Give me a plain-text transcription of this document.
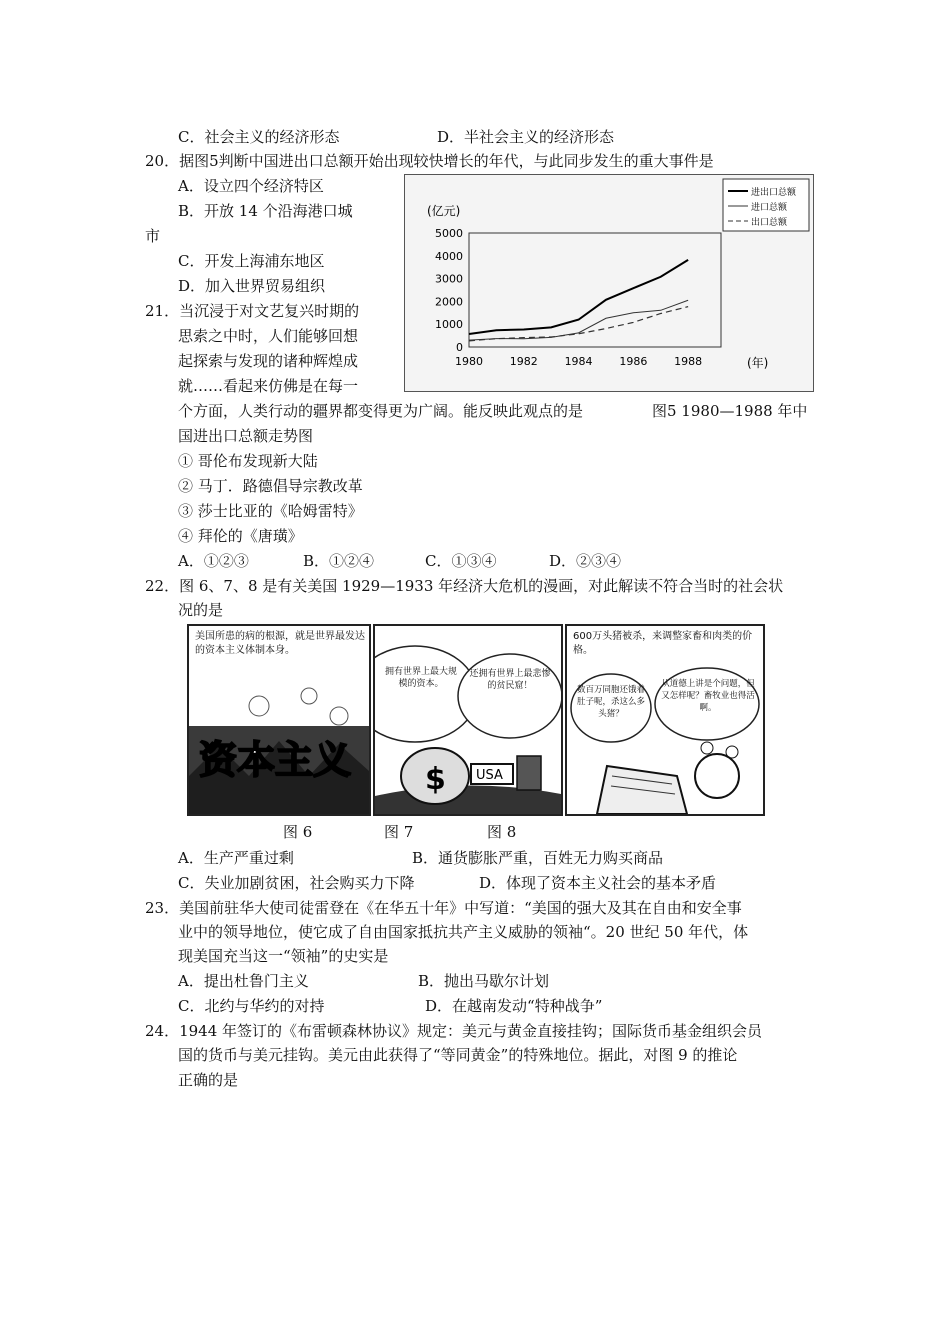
C．社会主义的经济形态	D．半社会主义的经济形态
20．据图5判断中国进出口总额开始出现较快增长的年代，与此同步发生的重大事件是
A．设立四个经济特区
B．开放 14 个沿海港口城
市
C．开发上海浦东地区
D．加入世界贸易组织
(亿元)
(年)
5000
4000
3000
2000
1000
0
1980 1982 1984 1986 1988
进出口总额
进口总额
出口总额
21．当沉浸于对文艺复兴时期的
思索之中时，人们能够回想
起探索与发现的诸种辉煌成
就……看起来仿佛是在每一
个方面，人类行动的疆界都变得更为广阔。能反映此观点的是	图5 1980—1988 年中
国进出口总额走势图
① 哥伦布发现新大陆
② 马丁．路德倡导宗教改革
③ 莎士比亚的《哈姆雷特》
④ 拜伦的《唐璜》
A．①②③	B．①②④	C．①③④	D．②③④
22．图 6、7、8 是有关美国 1929—1933 年经济大危机的漫画，对此解读不符合当时的社会状
况的是
美国所患的病的根源，就是世界最发达的资本主义体制本身。
资本主义
拥有世界上最大规模的资本。
还拥有世界上最悲惨的贫民窟！
$ USA
600万头猪被杀，来调整家畜和肉类的价格。
数百万同胞还饿着肚子呢，杀这么多头猪？
从道德上讲是个问题，但又怎样呢？畜牧业也得活啊。
图 6	图 7	图 8
A．生产严重过剩	B．通货膨胀严重，百姓无力购买商品
C．失业加剧贫困，社会购买力下降	D．体现了资本主义社会的基本矛盾
23．美国前驻华大使司徒雷登在《在华五十年》中写道：“美国的强大及其在自由和安全事
业中的领导地位，使它成了自由国家抵抗共产主义威胁的领袖“。20 世纪 50 年代，体
现美国充当这一“领袖”的史实是
A．提出杜鲁门主义	B．抛出马歇尔计划
C．北约与华约的对持	D．在越南发动“特种战争”
24．1944 年签订的《布雷顿森林协议》规定：美元与黄金直接挂钩；国际货币基金组织会员
国的货币与美元挂钩。美元由此获得了“等同黄金”的特殊地位。据此，对图 9 的推论
正确的是
